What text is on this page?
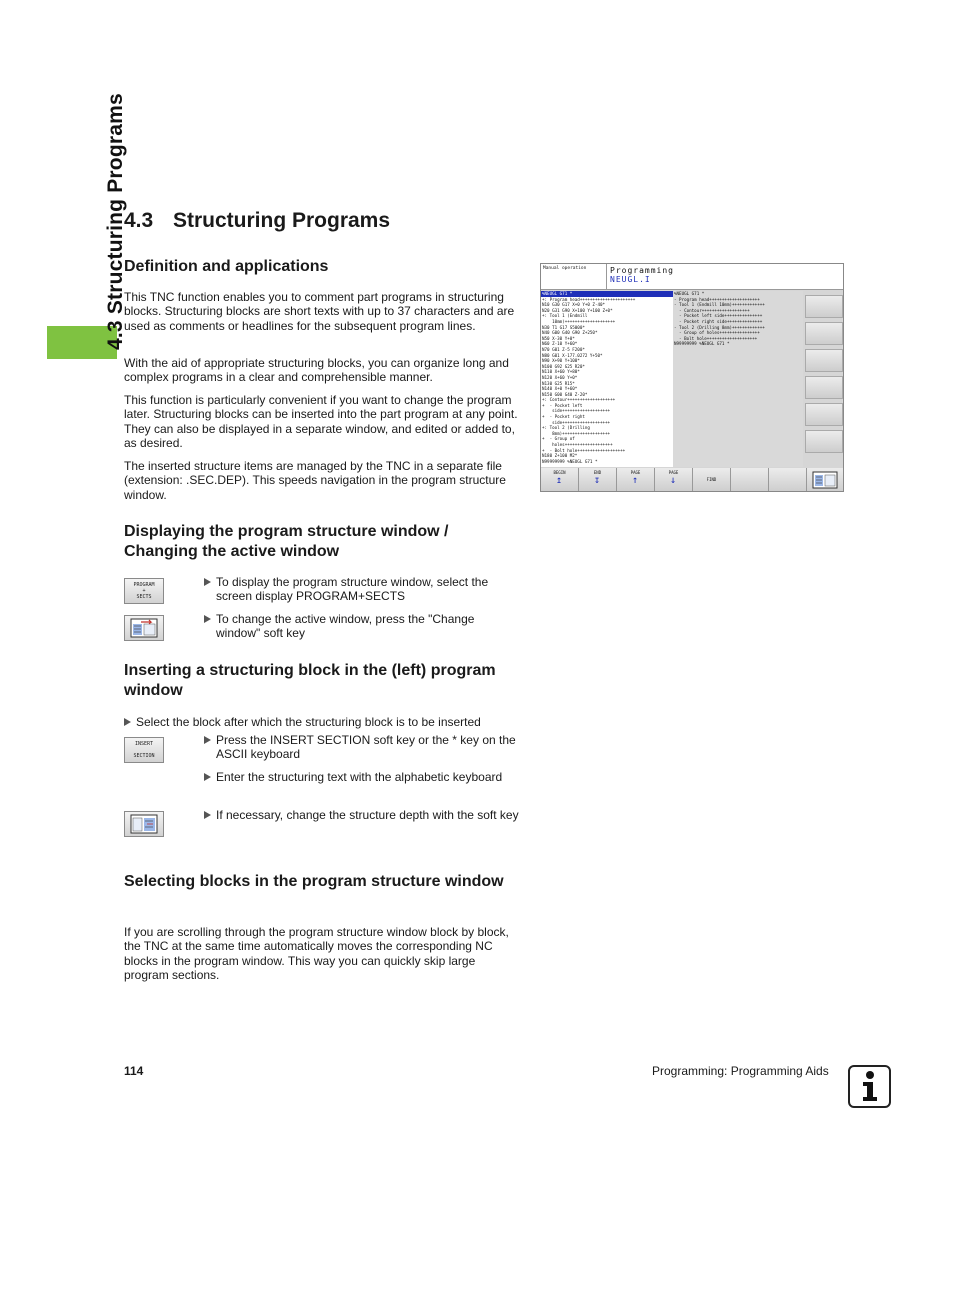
4.3 Structuring Programs
4.3 Structuring Programs
Definition and applications
This TNC function enables you to comment part programs in structuring blocks. Structuring blocks are short texts with up to 37 characters and are used as comments or headlines for the subsequent program lines.
With the aid of appropriate structuring blocks, you can organize long and complex programs in a clear and comprehensible manner.
This function is particularly convenient if you want to change the program later. Structuring blocks can be inserted into the part program at any point. They can also be displayed in a separate window, and edited or added to, as desired.
The inserted structure items are managed by the TNC in a separate file (extension: .SEC.DEP). This speeds navigation in the program structure window.
Manual operation	Programming
NEUGL.I
%NEUGL G71 *
+: Program head++++++++++++++++++++++
N10 G30 G17 X+0 Y+0 Z-40*
N20 G31 G90 X+100 Y+100 Z+0*
+: Tool 1 (Endmill
10mm)++++++++++++++++++++
N30 T1 G17 S5000*
N40 G00 G40 G90 Z+250*
N50 X-30 Y+0*
N60 Z-10 Y+60*
N70 G01 Z-5 F200*
N80 G01 X-177.0272 Y+50*
N90 X+90 Y+100*
N100 G92 G25 R20*
N110 X+60 Y+80*
N120 X+60 Y+0*
N130 G25 R15*
N140 X+0 Y+60*
N150 G00 G40 Z-20*
+: Contour+++++++++++++++++++
+  - Pocket left
side+++++++++++++++++++
+  - Pocket right
side+++++++++++++++++++
+: Tool 2 (Drilling
8mm)+++++++++++++++++++
+  - Group of
holes+++++++++++++++++++
+  - Bolt hole+++++++++++++++++++
N180 Z+100 M2*
N99999999 %NEUGL G71 *
%NEUGL G71 *
- Program head++++++++++++++++++++
- Tool 1 (Endmill 10mm)+++++++++++++
- Contour+++++++++++++++++++
- Pocket left side+++++++++++++++
- Pocket right side++++++++++++++
- Tool 2 (Drilling 8mm)+++++++++++++
- Group of holes++++++++++++++++
- Bolt hole++++++++++++++++++++
N99999999 %NEUGL G71 *
BEGIN
↥
END
↧
PAGE
↑
PAGE
↓	FIND
Displaying the program structure window / Changing the active window
PROGRAM
+
SECTS
To display the program structure window, select the screen display PROGRAM+SECTS
To change the active window, press the "Change window" soft key
Inserting a structuring block in the (left) program window
Select the block after which the structuring block is to be inserted
INSERT

SECTION
Press the INSERT SECTION soft key or the * key on the ASCII keyboard
Enter the structuring text with the alphabetic keyboard
If necessary, change the structure depth with the soft key
Selecting blocks in the program structure window
If you are scrolling through the program structure window block by block, the TNC at the same time automatically moves the corresponding NC blocks in the program window. This way you can quickly skip large program sections.
114	Programming: Programming Aids
